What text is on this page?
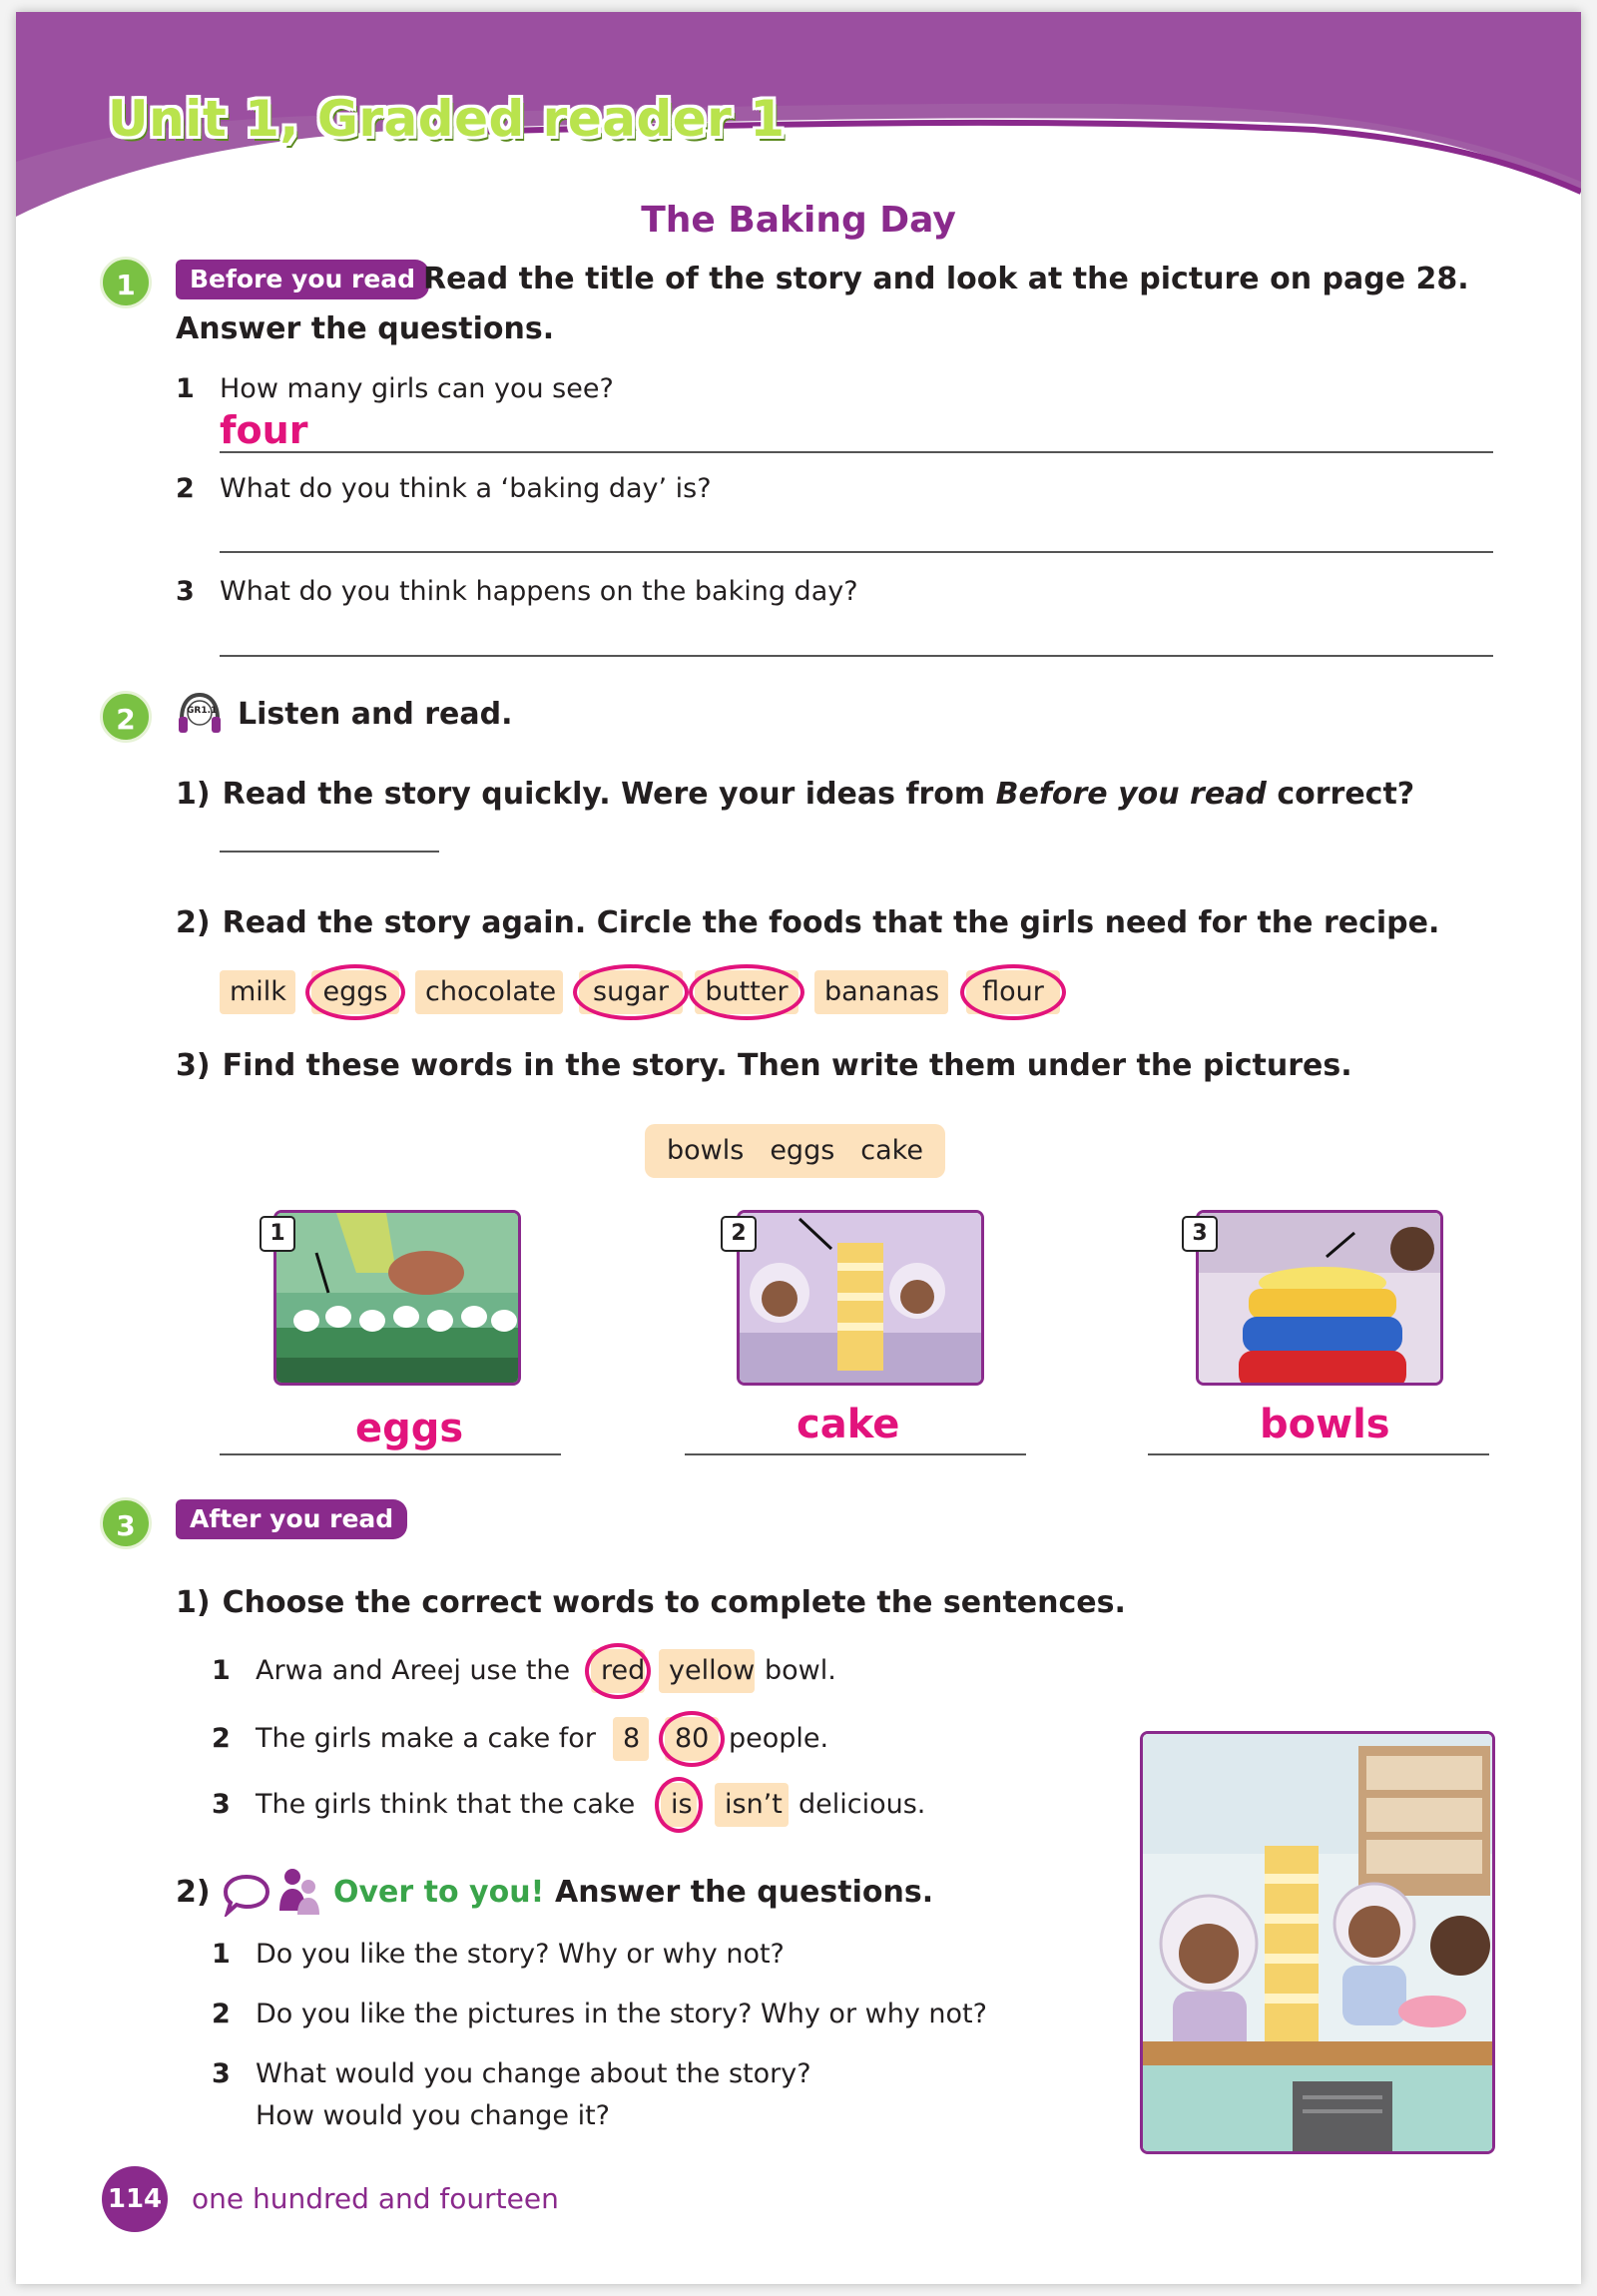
Unit 1, Graded reader 1
The Baking Day
1	Before you read Read the title of the story and look at the picture on page 28.
Answer the questions.
1 How many girls can you see?
four
2 What do you think a ‘baking day’ is?
3 What do you think happens on the baking day?
2	GR1.1 Listen and read.
1) Read the story quickly. Were your ideas from Before you read correct?
2) Read the story again. Circle the foods that the girls need for the recipe.
milk	eggs	chocolate	sugar	butter	bananas	flour
3) Find these words in the story. Then write them under the pictures.
bowls eggs cake
1
eggs
2
cake
3
bowls
3	After you read
1) Choose the correct words to complete the sentences.
1 Arwa and Areej use the	red yellow bowl.
2 The girls make a cake for	8	80 people.
3 The girls think that the cake	is	isn’t delicious.
2)	Over to you! Answer the questions.
1 Do you like the story? Why or why not?
2 Do you like the pictures in the story? Why or why not?
3 What would you change about the story?
How would you change it?
114 one hundred and fourteen
